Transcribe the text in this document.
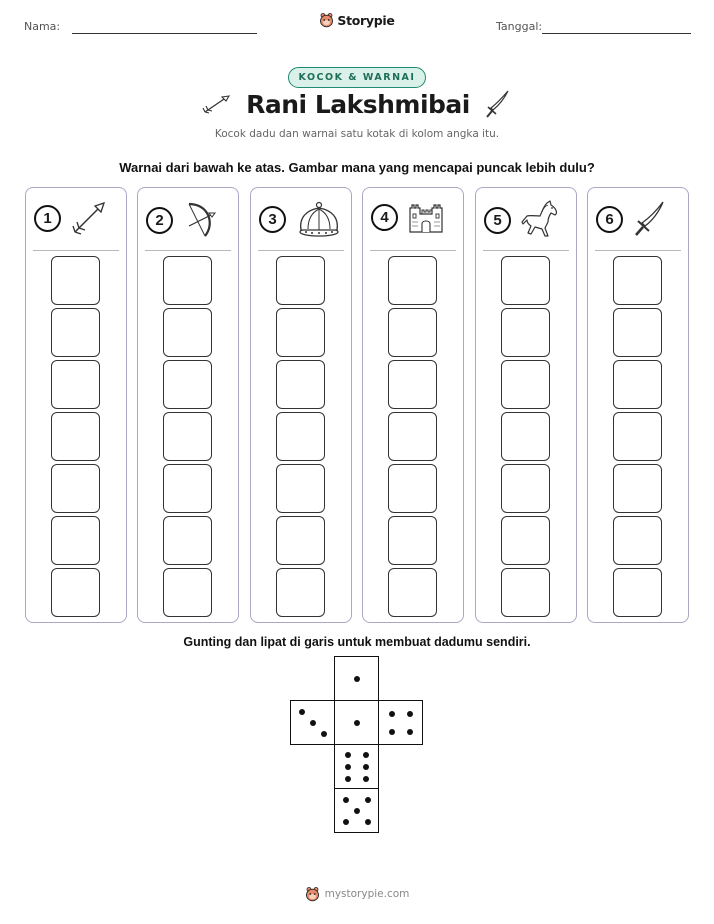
Nama:	Tanggal:
Storypie
KOCOK & WARNAI
Rani Lakshmibai
Kocok dadu dan warnai satu kotak di kolom angka itu.
Warnai dari bawah ke atas. Gambar mana yang mencapai puncak lebih dulu?
1	2	3	4	5	6
Gunting dan lipat di garis untuk membuat dadumu sendiri.
mystorypie.com
